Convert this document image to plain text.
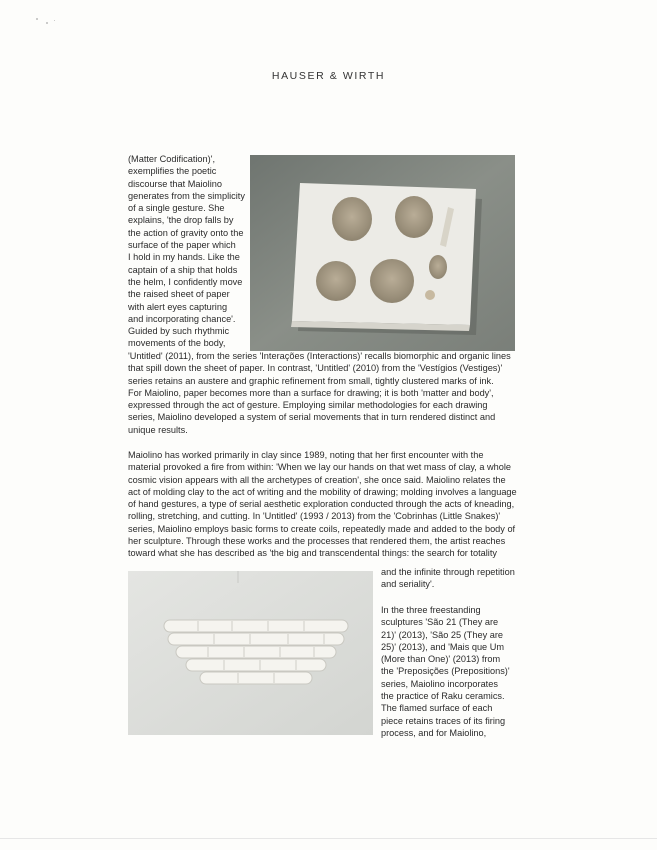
HAUSER & WIRTH
(Matter Codification)',
exemplifies the poetic
discourse that Maiolino
generates from the simplicity
of a single gesture. She
explains, 'the drop falls by
the action of gravity onto the
surface of the paper which
I hold in my hands. Like the
captain of a ship that holds
the helm, I confidently move
the raised sheet of paper
with alert eyes capturing
and incorporating chance'.
Guided by such rhythmic
movements of the body,
'Untitled' (2011), from the series 'Interações (Interactions)' recalls biomorphic and organic lines
that spill down the sheet of paper. In contrast, 'Untitled' (2010) from the 'Vestígios (Vestiges)'
series retains an austere and graphic refinement from small, tightly clustered marks of ink.
For Maiolino, paper becomes more than a surface for drawing; it is both 'matter and body',
expressed through the act of gesture. Employing similar methodologies for each drawing
series, Maiolino developed a system of serial movements that in turn rendered distinct and
unique results.
Maiolino has worked primarily in clay since 1989, noting that her first encounter with the
material provoked a fire from within: 'When we lay our hands on that wet mass of clay, a whole
cosmic vision appears with all the archetypes of creation', she once said. Maiolino relates the
act of molding clay to the act of writing and the mobility of drawing; molding involves a language
of hand gestures, a type of serial aesthetic exploration conducted through the acts of kneading,
rolling, stretching, and cutting. In 'Untitled' (1993 / 2013) from the 'Cobrinhas (Little Snakes)'
series, Maiolino employs basic forms to create coils, repeatedly made and added to the body of
her sculpture. Through these works and the processes that rendered them, the artist reaches
toward what she has described as 'the big and transcendental things: the search for totality
and the infinite through repetition
and seriality'.
In the three freestanding
sculptures 'São 21 (They are
21)' (2013), 'São 25 (They are
25)' (2013), and 'Mais que Um
(More than One)' (2013) from
the 'Preposições (Prepositions)'
series, Maiolino incorporates
the practice of Raku ceramics.
The flamed surface of each
piece retains traces of its firing
process, and for Maiolino,
